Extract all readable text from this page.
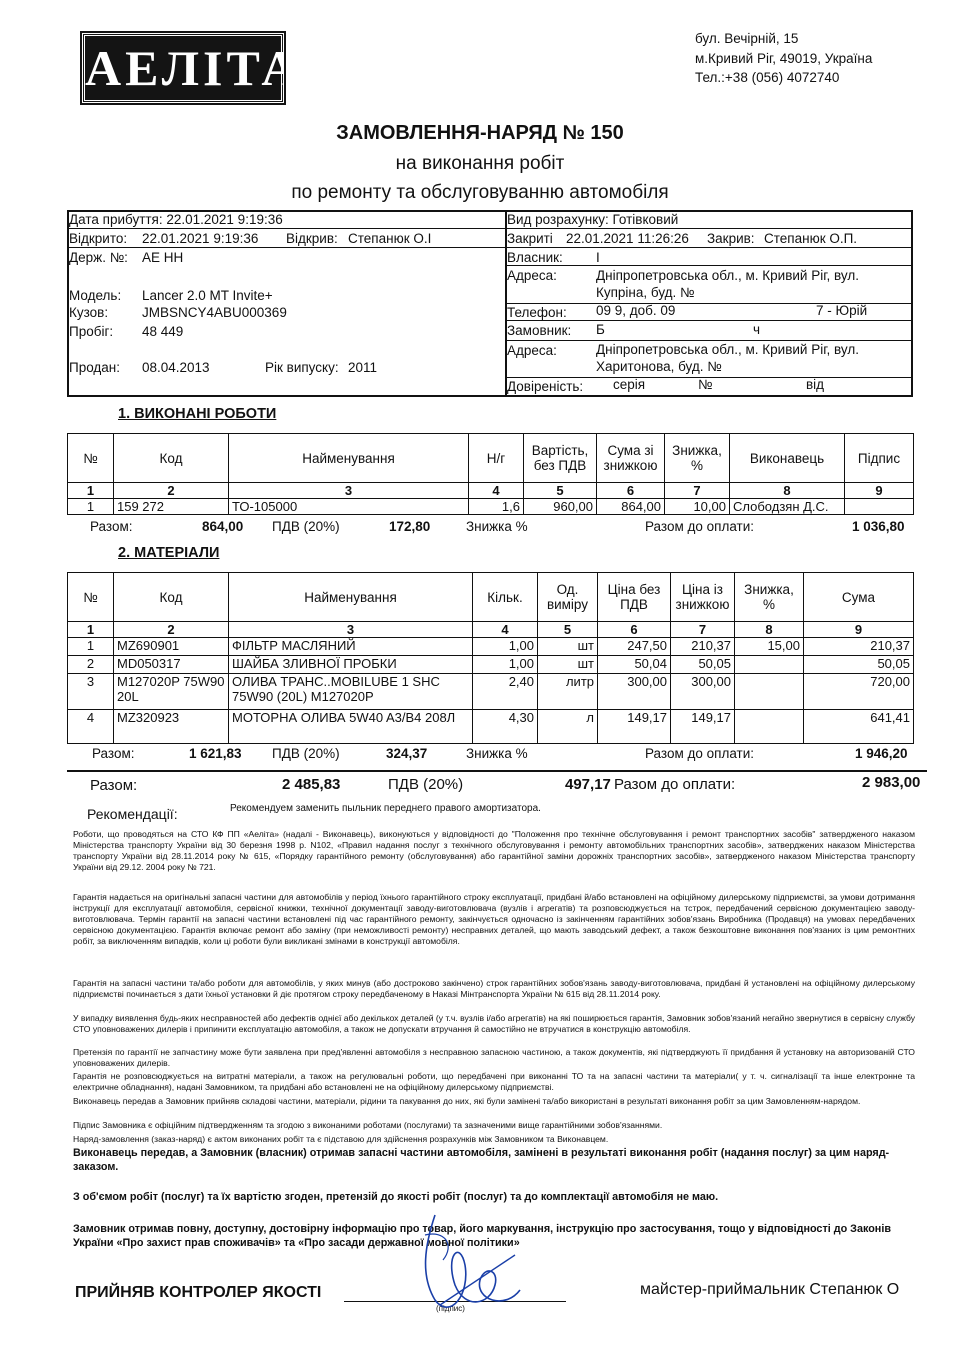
АЕЛІТА
бул. Вечірній, 15
м.Кривий Ріг, 49019, Україна
Тел.:+38 (056) 4072740
ЗАМОВЛЕННЯ-НАРЯД № 150
на виконання робіт
по ремонту та обслуговуванню автомобіля
Дата прибуття: 22.01.2021 9:19:36
Відкрито: 22.01.2021 9:19:36 Відкрив: Степанюк О.І
Держ. №: АЕ НН
Модель: Lancer 2.0 MT Invite+
Кузов:	JMBSNCY4ABU000369
Пробіг: 48 449
Продан: 08.04.2013	Рік випуску: 2011
Вид розрахунку: Готівковий
Закриті 22.01.2021 11:26:26 Закрив: Степанюк О.П.
Власник: І
Адреса:	Дніпропетровська обл., м. Кривий Ріг, вул.
Купріна, буд. №
Телефон: 09 9, доб. 09	7 - Юрій
Замовник: Б	ч
Адреса:	Дніпропетровська обл., м. Кривий Ріг, вул.
Харитонова, буд. №
Довіреність: серія	№	від
1. ВИКОНАНІ РОБОТИ
№	Код	Найменування	Н/г	Вартість, без ПДВ	Сума зі знижкою	Знижка, %	Виконавець	Підпис
1	2	3	4	5	6	7	8	9
1	159 272	ТО-105000	1,6	960,00	864,00	10,00	Слободзян Д.С.	
Разом:	864,00 ПДВ (20%)	172,80	Знижка %	Разом до оплати:	1 036,80
2. МАТЕРІАЛИ
№	Код	Найменування	Кільк.	Од. виміру	Ціна без ПДВ	Ціна із знижкою	Знижка, %	Сума
1	2	3	4	5	6	7	8	9
1	MZ690901	ФІЛЬТР МАСЛЯНИЙ	1,00	шт	247,50	210,37	15,00	210,37
2	MD050317	ШАЙБА ЗЛИВНОЇ ПРОБКИ	1,00	шт	50,04	50,05		50,05
3	M127020P 75W90 20L	ОЛИВА ТРАНС..MOBILUBE 1 SHC 75W90 (20L) M127020P	2,40	литр	300,00	300,00		720,00
4	MZ320923	МОТОРНА ОЛИВА 5W40 A3/B4 208Л	4,30	л	149,17	149,17		641,41
Разом:	1 621,83 ПДВ (20%)	324,37	Знижка %	Разом до оплати:	1 946,20
Разом:	2 485,83	ПДВ (20%)	497,17 Разом до оплати:	2 983,00
Рекомендації:	Рекомендуем заменить пыльник переднего правого амортизатора.
Роботи, що проводяться на СТО КФ ПП «Аеліта» (надалі - Виконавець), виконуються у відповідності до "Положення про технічне обслуговування і ремонт транспортних засобів" затвердженого наказом Міністерства транспорту України від 30 березня 1998 р. N102, «Правил надання послуг з технічного обслуговування і ремонту автомобільних транспортних засобів», затверджених наказом Міністерства транспорту України від 28.11.2014 року № 615, «Порядку гарантійного ремонту (обслуговування) або гарантійної заміни дорожніх транспортних засобів», затвердженого наказом Міністерства транспорту України від 29.12. 2004 року № 721.
Гарантія надається на оригінальні запасні частини для автомобілів у період їхнього гарантійного строку експлуатації, придбані й/або встановлені на офіційному дилерському підприємстві, за умови дотримання інструкції для експлуатації автомобіля, сервісної книжки, технічної документації заводу-виготовлювача (вузлів і агрегатів) та розповсюджується на тстрок, передбачений сервісною документацією заводу-виготовлювача. Термін гарантії на запасні частини встановлені під час гарантійного ремонту, закінчується одночасно із закінченням гарантійних зобов'язань Виробника (Продавця) на умовах передбачених сервісною документацією. Гарантія включає ремонт або заміну (при неможливості ремонту) несправних деталей, що мають заводський дефект, а також безкоштовне виконання пов'язаних із цим ремонтних робіт, за виключенням випадків, коли ці роботи були викликані змінами в конструкції автомобіля.
Гарантія на запасні частини та/або роботи для автомобілів, у яких минув (або достроково закінчено) строк гарантійних зобов'язань заводу-виготовлювача, придбані й установлені на офіційному дилерському підприємстві починається з дати їхньої установки й діє протягом строку передбаченому в Наказі Мінтранспорта України № 615 від 28.11.2014 року.
У випадку виявлення будь-яких несправностей або дефектів однієї або декількох деталей (у т.ч. вузлів і/або агрегатів) на які поширюється гарантія, Замовник зобов'язаний негайно звернутися в сервісну службу СТО уповноважених дилерів і припинити експлуатацію автомобіля, а також не допускати втручання й самостійно не втручатися в конструкцію автомобіля.
Претензія по гарантії не запчастину може бути заявлена при пред'явленні автомобіля з несправною запасною частиною, а також документів, які підтверджують її придбання й установку на авторизованій СТО уповноважених дилерів.
Гарантія не розповсюджується на витратні матеріали, а також на регулювальні роботи, що передбачені при виконанні ТО та на запасні частини та матеріали( у т. ч. сигналізації та інше електронне та електричне обладнання), надані Замовником, та придбані або встановлені не на офіційному дилерському підприємстві.
Виконавець передав а Замовник прийняв складові частини, матеріали, рідини та пакування до них, які були замінені та/або використані в результаті виконання робіт за цим Замовленням-нарядом.
Підпис Замовника є офіційним підтвердженням та згодою з виконаними роботами (послугами) та зазначеними вище гарантійними зобов'язаннями.
Наряд-замовлення (заказ-наряд) є актом виконаних робіт та є підставою для здійснення розрахунків між Замовником та Виконавцем.
Виконавець передав, а Замовник (власник) отримав запасні частини автомобіля, замінені в результаті виконання робіт (надання послуг) за цим наряд-заказом.
З об'ємом робіт (послуг) та їх вартістю згоден, претензій до якості робіт (послуг) та до комплектації автомобіля не маю.
Замовник отримав повну, доступну, достовірну інформацію про товар, його маркування, інструкцію про застосування, тощо у відповідності до Законів України «Про захист прав споживачів» та «Про засади державної мовної політики»
ПРИЙНЯВ КОНТРОЛЕР ЯКОСТІ
(підпис)
майстер-приймальник Степанюк О
